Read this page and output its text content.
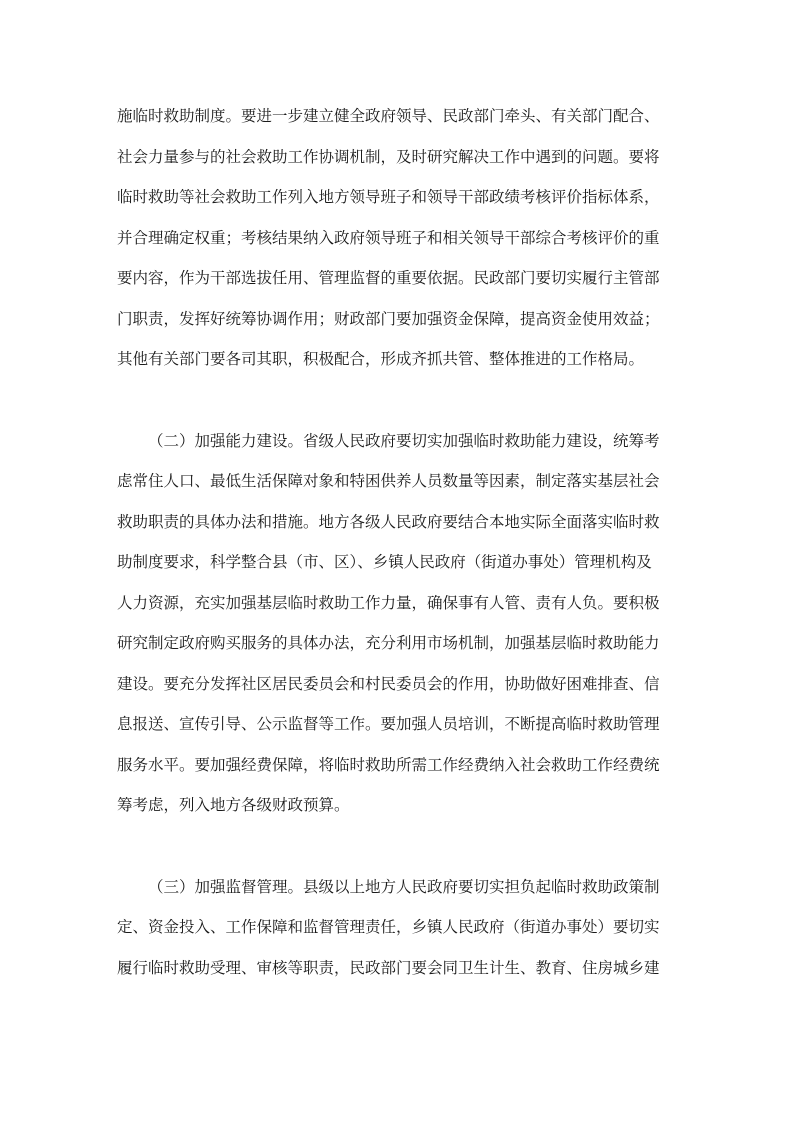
施临时救助制度。要进一步建立健全政府领导、民政部门牵头、有关部门配合、
社会力量参与的社会救助工作协调机制，及时研究解决工作中遇到的问题。要将
临时救助等社会救助工作列入地方领导班子和领导干部政绩考核评价指标体系，
并合理确定权重；考核结果纳入政府领导班子和相关领导干部综合考核评价的重
要内容，作为干部选拔任用、管理监督的重要依据。民政部门要切实履行主管部
门职责，发挥好统筹协调作用；财政部门要加强资金保障，提高资金使用效益；
其他有关部门要各司其职，积极配合，形成齐抓共管、整体推进的工作格局。
（二）加强能力建设。省级人民政府要切实加强临时救助能力建设，统筹考
虑常住人口、最低生活保障对象和特困供养人员数量等因素，制定落实基层社会
救助职责的具体办法和措施。地方各级人民政府要结合本地实际全面落实临时救
助制度要求，科学整合县（市、区）、乡镇人民政府（街道办事处）管理机构及
人力资源，充实加强基层临时救助工作力量，确保事有人管、责有人负。要积极
研究制定政府购买服务的具体办法，充分利用市场机制，加强基层临时救助能力
建设。要充分发挥社区居民委员会和村民委员会的作用，协助做好困难排查、信
息报送、宣传引导、公示监督等工作。要加强人员培训，不断提高临时救助管理
服务水平。要加强经费保障，将临时救助所需工作经费纳入社会救助工作经费统
筹考虑，列入地方各级财政预算。
（三）加强监督管理。县级以上地方人民政府要切实担负起临时救助政策制
定、资金投入、工作保障和监督管理责任，乡镇人民政府（街道办事处）要切实
履行临时救助受理、审核等职责，民政部门要会同卫生计生、教育、住房城乡建
